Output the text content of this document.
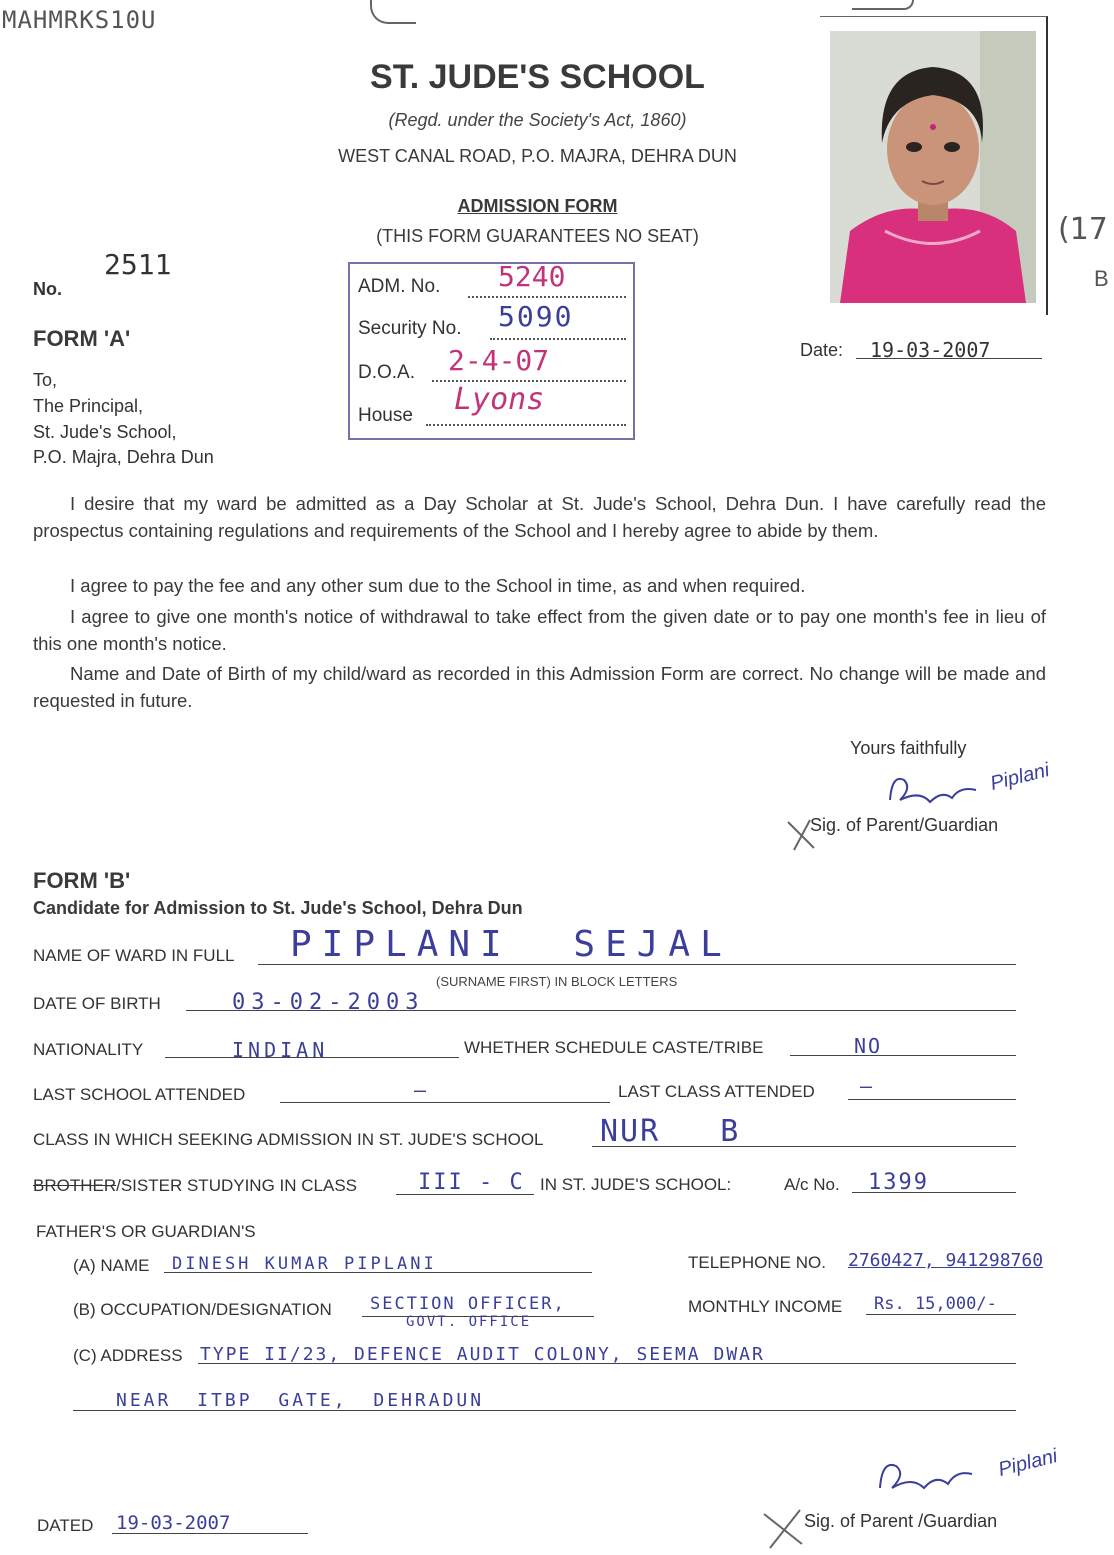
MAHMRKS10U
ST. JUDE'S SCHOOL
(Regd. under the Society's Act, 1860)
WEST CANAL ROAD, P.O. MAJRA, DEHRA DUN
ADMISSION FORM
(THIS FORM GUARANTEES NO SEAT)	(17
B
No.
2511
ADM. No. 5240
Security No. 5090
D.O.A. 2-4-07
House Lyons
FORM 'A'	Date: 19-03-2007
To,
The Principal,
St. Jude's School,
P.O. Majra, Dehra Dun
I desire that my ward be admitted as a Day Scholar at St. Jude's School, Dehra Dun. I have carefully read the prospectus containing regulations and requirements of the School and I hereby agree to abide by them.
I agree to pay the fee and any other sum due to the School in time, as and when required.
I agree to give one month's notice of withdrawal to take effect from the given date or to pay one month's fee in lieu of this one month's notice.
Name and Date of Birth of my child/ward as recorded in this Admission Form are correct. No change will be made and requested in future.
Yours faithfully
Piplani
Sig. of Parent/Guardian
FORM 'B'
Candidate for Admission to St. Jude's School, Dehra Dun
NAME OF WARD IN FULL PIPLANI SEJAL
(SURNAME FIRST) IN BLOCK LETTERS
DATE OF BIRTH	03-02-2003
NATIONALITY	INDIAN	WHETHER SCHEDULE CASTE/TRIBE	NO
LAST SCHOOL ATTENDED	—	LAST CLASS ATTENDED —
CLASS IN WHICH SEEKING ADMISSION IN ST. JUDE'S SCHOOL NUR B
BROTHER/SISTER STUDYING IN CLASS	III - C IN ST. JUDE'S SCHOOL:	A/c No. 1399
FATHER'S OR GUARDIAN'S
(A) NAME DINESH KUMAR PIPLANI	TELEPHONE NO. 2760427, 941298760
(B) OCCUPATION/DESIGNATION SECTION OFFICER,
GOVT. OFFICE
MONTHLY INCOME Rs. 15,000/-
(C) ADDRESS TYPE II/23, DEFENCE AUDIT COLONY, SEEMA DWAR
NEAR ITBP GATE, DEHRADUN
DATED 19-03-2007
Piplani
Sig. of Parent /Guardian
